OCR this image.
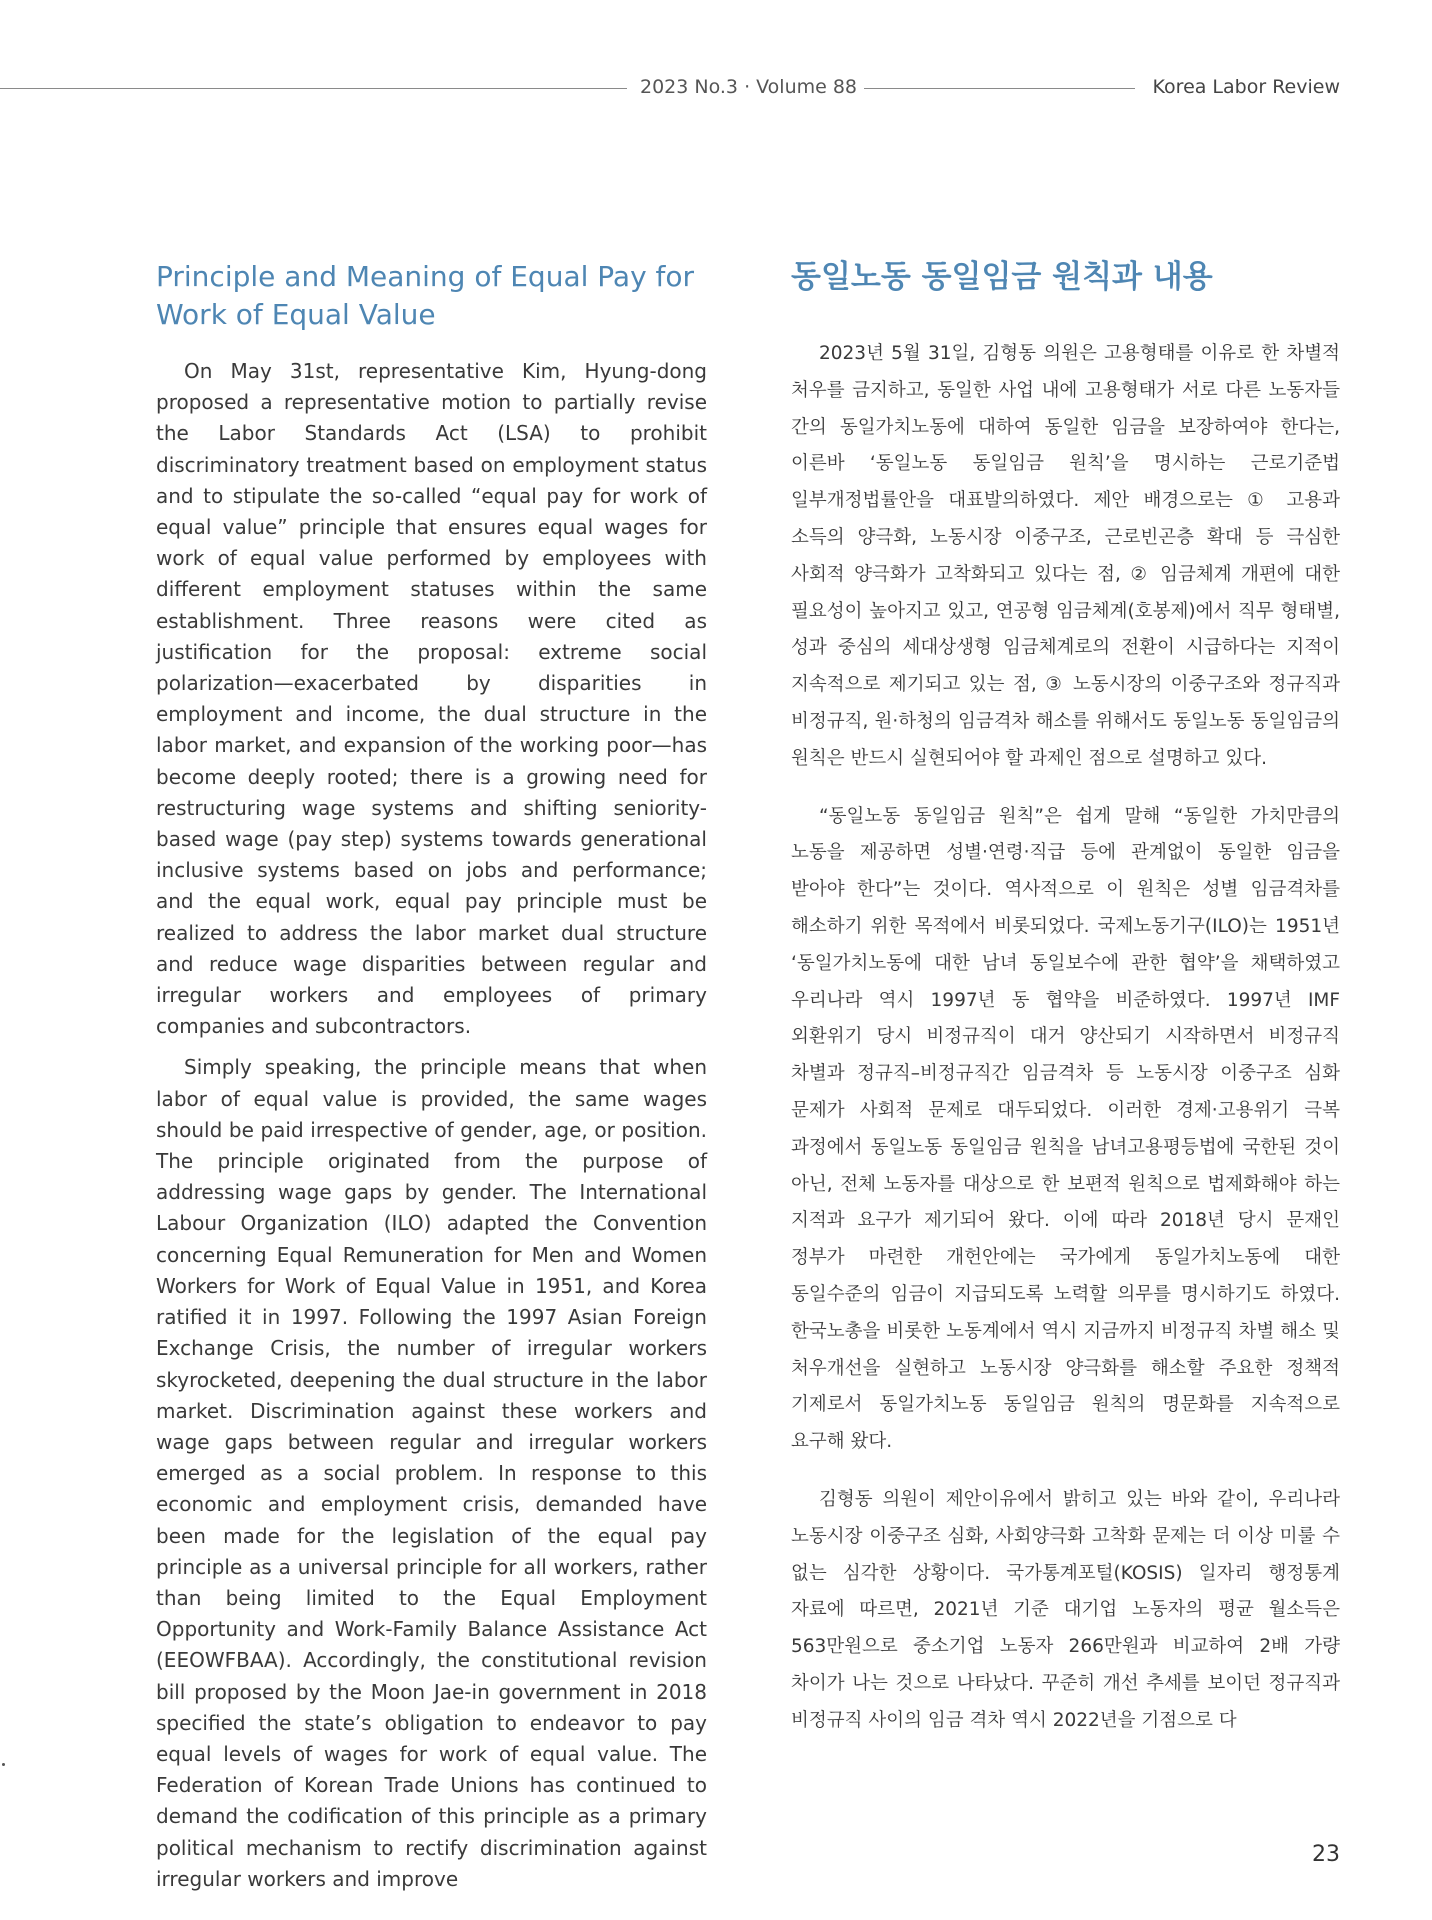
2023 No.3 · Volume 88	Korea Labor Review
Principle and Meaning of Equal Pay for Work of Equal Value

On May 31st, representative Kim, Hyung-dong proposed a representative motion to partially revise the Labor Standards Act (LSA) to prohibit discriminatory treatment based on employment status and to stipulate the so-called “equal pay for work of equal value” principle that ensures equal wages for work of equal value performed by employees with different employment statuses within the same establishment. Three reasons were cited as justification for the proposal: extreme social polarization—exacerbated by disparities in employment and income, the dual structure in the labor market, and expansion of the working poor—has become deeply rooted; there is a growing need for restructuring wage systems and shifting seniority-based wage (pay step) systems towards generational inclusive systems based on jobs and performance; and the equal work, equal pay principle must be realized to address the labor market dual structure and reduce wage disparities between regular and irregular workers and employees of primary companies and subcontractors.

Simply speaking, the principle means that when labor of equal value is provided, the same wages should be paid irrespective of gender, age, or position. The principle originated from the purpose of addressing wage gaps by gender. The International Labour Organization (ILO) adapted the Convention concerning Equal Remuneration for Men and Women Workers for Work of Equal Value in 1951, and Korea ratified it in 1997. Following the 1997 Asian Foreign Exchange Crisis, the number of irregular workers skyrocketed, deepening the dual structure in the labor market. Discrimination against these workers and wage gaps between regular and irregular workers emerged as a social problem. In response to this economic and employment crisis, demanded have been made for the legislation of the equal pay principle as a universal principle for all workers, rather than being limited to the Equal Employment Opportunity and Work-Family Balance Assistance Act (EEOWFBAA). Accordingly, the constitutional revision bill proposed by the Moon Jae-in government in 2018 specified the state’s obligation to endeavor to pay equal levels of wages for work of equal value. The Federation of Korean Trade Unions has continued to demand the codification of this principle as a primary political mechanism to rectify discrimination against irregular workers and improve

동일노동 동일임금 원칙과 내용

2023년 5월 31일, 김형동 의원은 고용형태를 이유로 한 차별적 처우를 금지하고, 동일한 사업 내에 고용형태가 서로 다른 노동자들 간의 동일가치노동에 대하여 동일한 임금을 보장하여야 한다는, 이른바 ‘동일노동 동일임금 원칙’을 명시하는 근로기준법 일부개정법률안을 대표발의하였다. 제안 배경으로는 ① 고용과 소득의 양극화, 노동시장 이중구조, 근로빈곤층 확대 등 극심한 사회적 양극화가 고착화되고 있다는 점, ② 임금체계 개편에 대한 필요성이 높아지고 있고, 연공형 임금체계(호봉제)에서 직무 형태별, 성과 중심의 세대상생형 임금체계로의 전환이 시급하다는 지적이 지속적으로 제기되고 있는 점, ③ 노동시장의 이중구조와 정규직과 비정규직, 원·하청의 임금격차 해소를 위해서도 동일노동 동일임금의 원칙은 반드시 실현되어야 할 과제인 점으로 설명하고 있다.

“동일노동 동일임금 원칙”은 쉽게 말해 “동일한 가치만큼의 노동을 제공하면 성별·연령·직급 등에 관계없이 동일한 임금을 받아야 한다”는 것이다. 역사적으로 이 원칙은 성별 임금격차를 해소하기 위한 목적에서 비롯되었다. 국제노동기구(ILO)는 1951년 ‘동일가치노동에 대한 남녀 동일보수에 관한 협약’을 채택하였고 우리나라 역시 1997년 동 협약을 비준하였다. 1997년 IMF 외환위기 당시 비정규직이 대거 양산되기 시작하면서 비정규직 차별과 정규직–비정규직간 임금격차 등 노동시장 이중구조 심화 문제가 사회적 문제로 대두되었다. 이러한 경제·고용위기 극복 과정에서 동일노동 동일임금 원칙을 남녀고용평등법에 국한된 것이 아닌, 전체 노동자를 대상으로 한 보편적 원칙으로 법제화해야 하는 지적과 요구가 제기되어 왔다. 이에 따라 2018년 당시 문재인 정부가 마련한 개헌안에는 국가에게 동일가치노동에 대한 동일수준의 임금이 지급되도록 노력할 의무를 명시하기도 하였다. 한국노총을 비롯한 노동계에서 역시 지금까지 비정규직 차별 해소 및 처우개선을 실현하고 노동시장 양극화를 해소할 주요한 정책적 기제로서 동일가치노동 동일임금 원칙의 명문화를 지속적으로 요구해 왔다.

김형동 의원이 제안이유에서 밝히고 있는 바와 같이, 우리나라 노동시장 이중구조 심화, 사회양극화 고착화 문제는 더 이상 미룰 수 없는 심각한 상황이다. 국가통계포털(KOSIS) 일자리 행정통계 자료에 따르면, 2021년 기준 대기업 노동자의 평균 월소득은 563만원으로 중소기업 노동자 266만원과 비교하여 2배 가량 차이가 나는 것으로 나타났다. 꾸준히 개선 추세를 보이던 정규직과 비정규직 사이의 임금 격차 역시 2022년을 기점으로 다

23
